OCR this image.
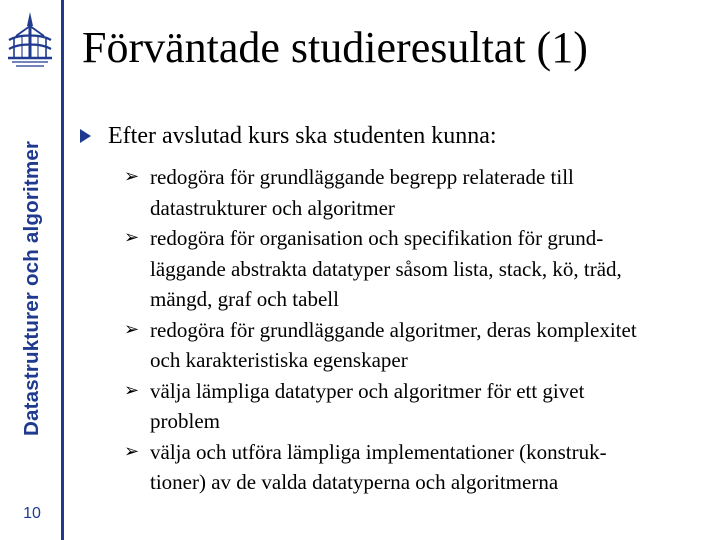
Datastrukturer och algoritmer
10
Förväntade studieresultat (1)
Efter avslutad kurs ska studenten kunna:
➢ redogöra för grundläggande begrepp relaterade till
datastrukturer och algoritmer
➢ redogöra för organisation och specifikation för grund-
läggande abstrakta datatyper såsom lista, stack, kö, träd,
mängd, graf och tabell
➢ redogöra för grundläggande algoritmer, deras komplexitet
och karakteristiska egenskaper
➢ välja lämpliga datatyper och algoritmer för ett givet
problem
➢ välja och utföra lämpliga implementationer (konstruk-
tioner) av de valda datatyperna och algoritmerna
